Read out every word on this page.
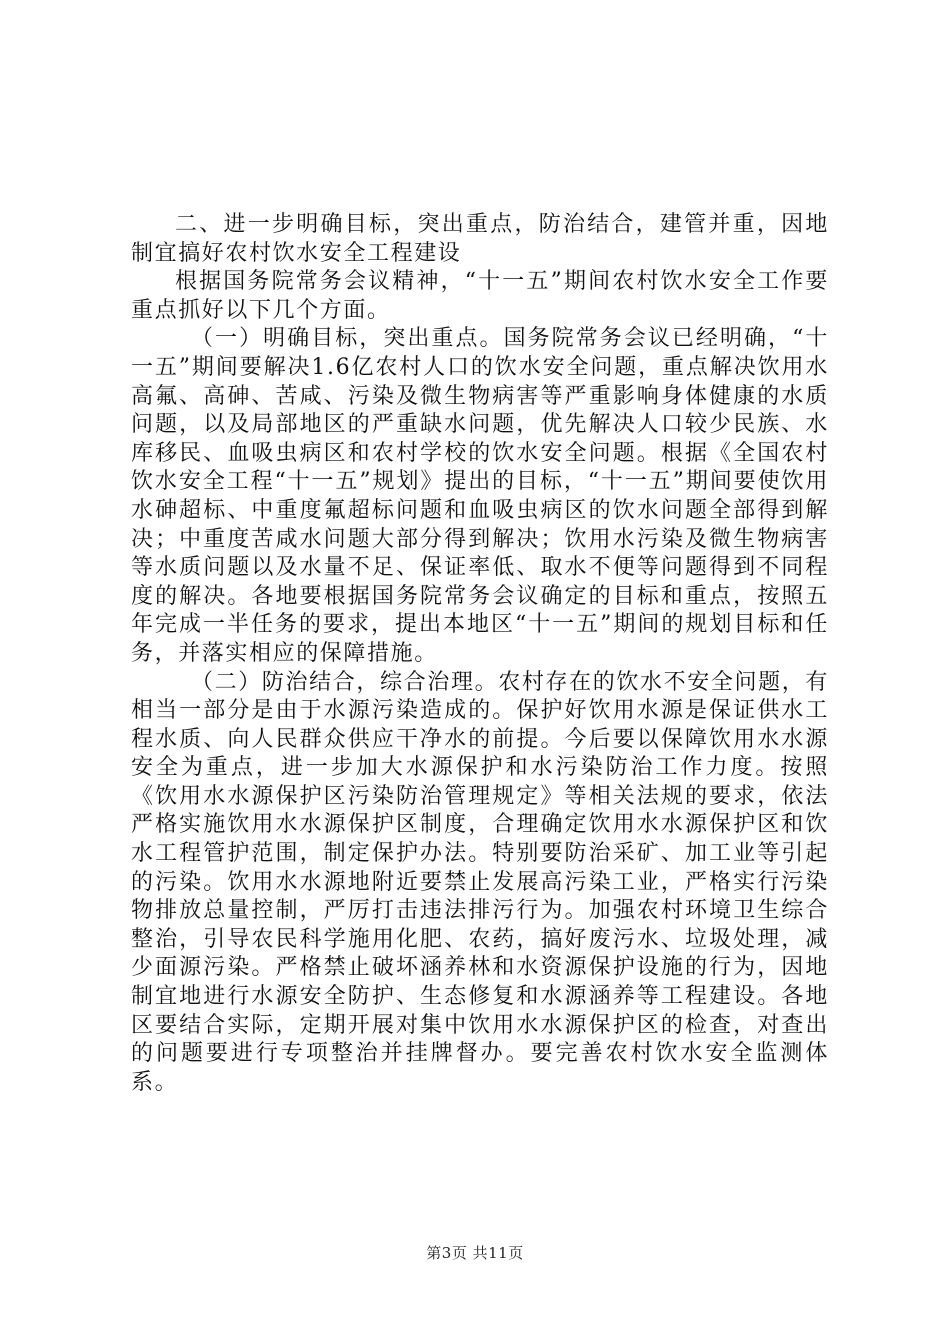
二、进一步明确目标，突出重点，防治结合，建管并重，因地制宜搞好农村饮水安全工程建设

根据国务院常务会议精神，“十一五”期间农村饮水安全工作要重点抓好以下几个方面。

（一）明确目标，突出重点。国务院常务会议已经明确，“十一五”期间要解决1.6亿农村人口的饮水安全问题，重点解决饮用水高氟、高砷、苦咸、污染及微生物病害等严重影响身体健康的水质问题，以及局部地区的严重缺水问题，优先解决人口较少民族、水库移民、血吸虫病区和农村学校的饮水安全问题。根据《全国农村饮水安全工程“十一五”规划》提出的目标，“十一五”期间要使饮用水砷超标、中重度氟超标问题和血吸虫病区的饮水问题全部得到解决；中重度苦咸水问题大部分得到解决；饮用水污染及微生物病害等水质问题以及水量不足、保证率低、取水不便等问题得到不同程度的解决。各地要根据国务院常务会议确定的目标和重点，按照五年完成一半任务的要求，提出本地区“十一五”期间的规划目标和任务，并落实相应的保障措施。

（二）防治结合，综合治理。农村存在的饮水不安全问题，有相当一部分是由于水源污染造成的。保护好饮用水源是保证供水工程水质、向人民群众供应干净水的前提。今后要以保障饮用水水源安全为重点，进一步加大水源保护和水污染防治工作力度。按照《饮用水水源保护区污染防治管理规定》等相关法规的要求，依法严格实施饮用水水源保护区制度，合理确定饮用水水源保护区和饮水工程管护范围，制定保护办法。特别要防治采矿、加工业等引起的污染。饮用水水源地附近要禁止发展高污染工业，严格实行污染物排放总量控制，严厉打击违法排污行为。加强农村环境卫生综合整治，引导农民科学施用化肥、农药，搞好废污水、垃圾处理，减少面源污染。严格禁止破坏涵养林和水资源保护设施的行为，因地制宜地进行水源安全防护、生态修复和水源涵养等工程建设。各地区要结合实际，定期开展对集中饮用水水源保护区的检查，对查出的问题要进行专项整治并挂牌督办。要完善农村饮水安全监测体系。

第3页 共11页
